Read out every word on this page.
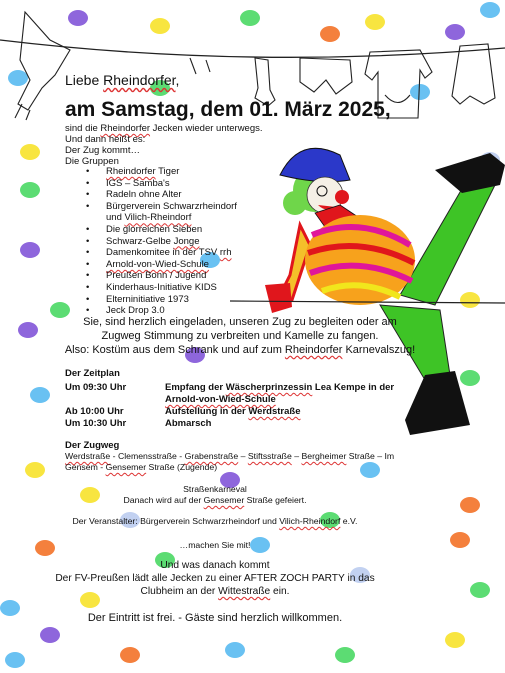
Liebe Rheindorfer,
am Samstag, dem 01. März 2025,
sind die Rheindorfer Jecken wieder unterwegs.
Und dann heißt es:
Der Zug kommt…
Die Gruppen
• Rheindorfer Tiger
• IGS – Samba's
• Radeln ohne Alter
• Bürgerverein Schwarzrheindorf
und Vilich-Rheindorf
• Die glorreichen Sieben
• Schwarz-Gelbe Jonge
• Damenkomitee in der TSV rrh
• Arnold-von-Wied-Schule
• Preußen Bonn / Jugend
• Kinderhaus-Initiative KIDS
• Elterninitiative 1973
• Jeck Drop 3.0
Sie, sind herzlich eingeladen, unseren Zug zu begleiten oder am
Zugweg Stimmung zu verbreiten und Kamelle zu fangen.
Also: Kostüm aus dem Schrank und auf zum Rheindorfer Karnevalszug!
Der Zeitplan
Um 09:30 Uhr	Empfang der Wäscherprinzessin Lea Kempe in der
Arnold-von-Wied-Schule
Ab 10:00 Uhr	Aufstellung in der Werdstraße
Um 10:30 Uhr	Abmarsch
Der Zugweg
Werdstraße - Clemensstraße - Grabenstraße – Stiftsstraße – Bergheimer Straße – Im
Gensem - Gensemer Straße (Zugende)
Straßenkarneval
Danach wird auf der Gensemer Straße gefeiert.
Der Veranstalter: Bürgerverein Schwarzrheindorf und Vilich-Rheindorf e.V.
…machen Sie mit!
Und was danach kommt
Der FV-Preußen lädt alle Jecken zu einer AFTER ZOCH PARTY in das
Clubheim an der Wittestraße ein.
Der Eintritt ist frei. - Gäste sind herzlich willkommen.
